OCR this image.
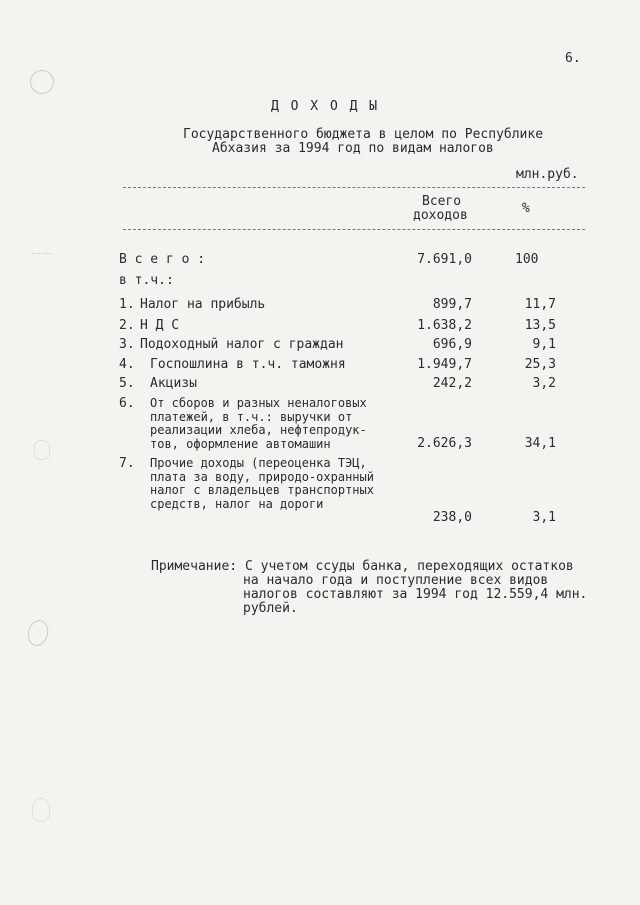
6.
Д О Х О Д Ы
Государственного бюджета в целом по Республике
Абхазия за 1994 год по видам налогов
млн.руб.
Всего
доходов	%
В с е г о :	7.691,0	100
в т.ч.:
1. Налог на прибыль	899,7	11,7
2. Н Д С	1.638,2	13,5
3. Подоходный налог с граждан	696,9	9,1
4. Госпошлина в т.ч. таможня	1.949,7	25,3
5. Акцизы	242,2	3,2
6. От сборов и разных неналоговых платежей, в т.ч.: выручки от реализации хлеба, нефтепродук-тов, оформление автомашин	2.626,3	34,1
7. Прочие доходы (переоценка ТЭЦ, плата за воду, природо-охранный налог с владельцев транспортных средств, налог на дороги
238,0	3,1
Примечание: С учетом ссуды банка, переходящих остатков
на начало года и поступление всех видов
налогов составляют за 1994 год 12.559,4 млн.
рублей.
